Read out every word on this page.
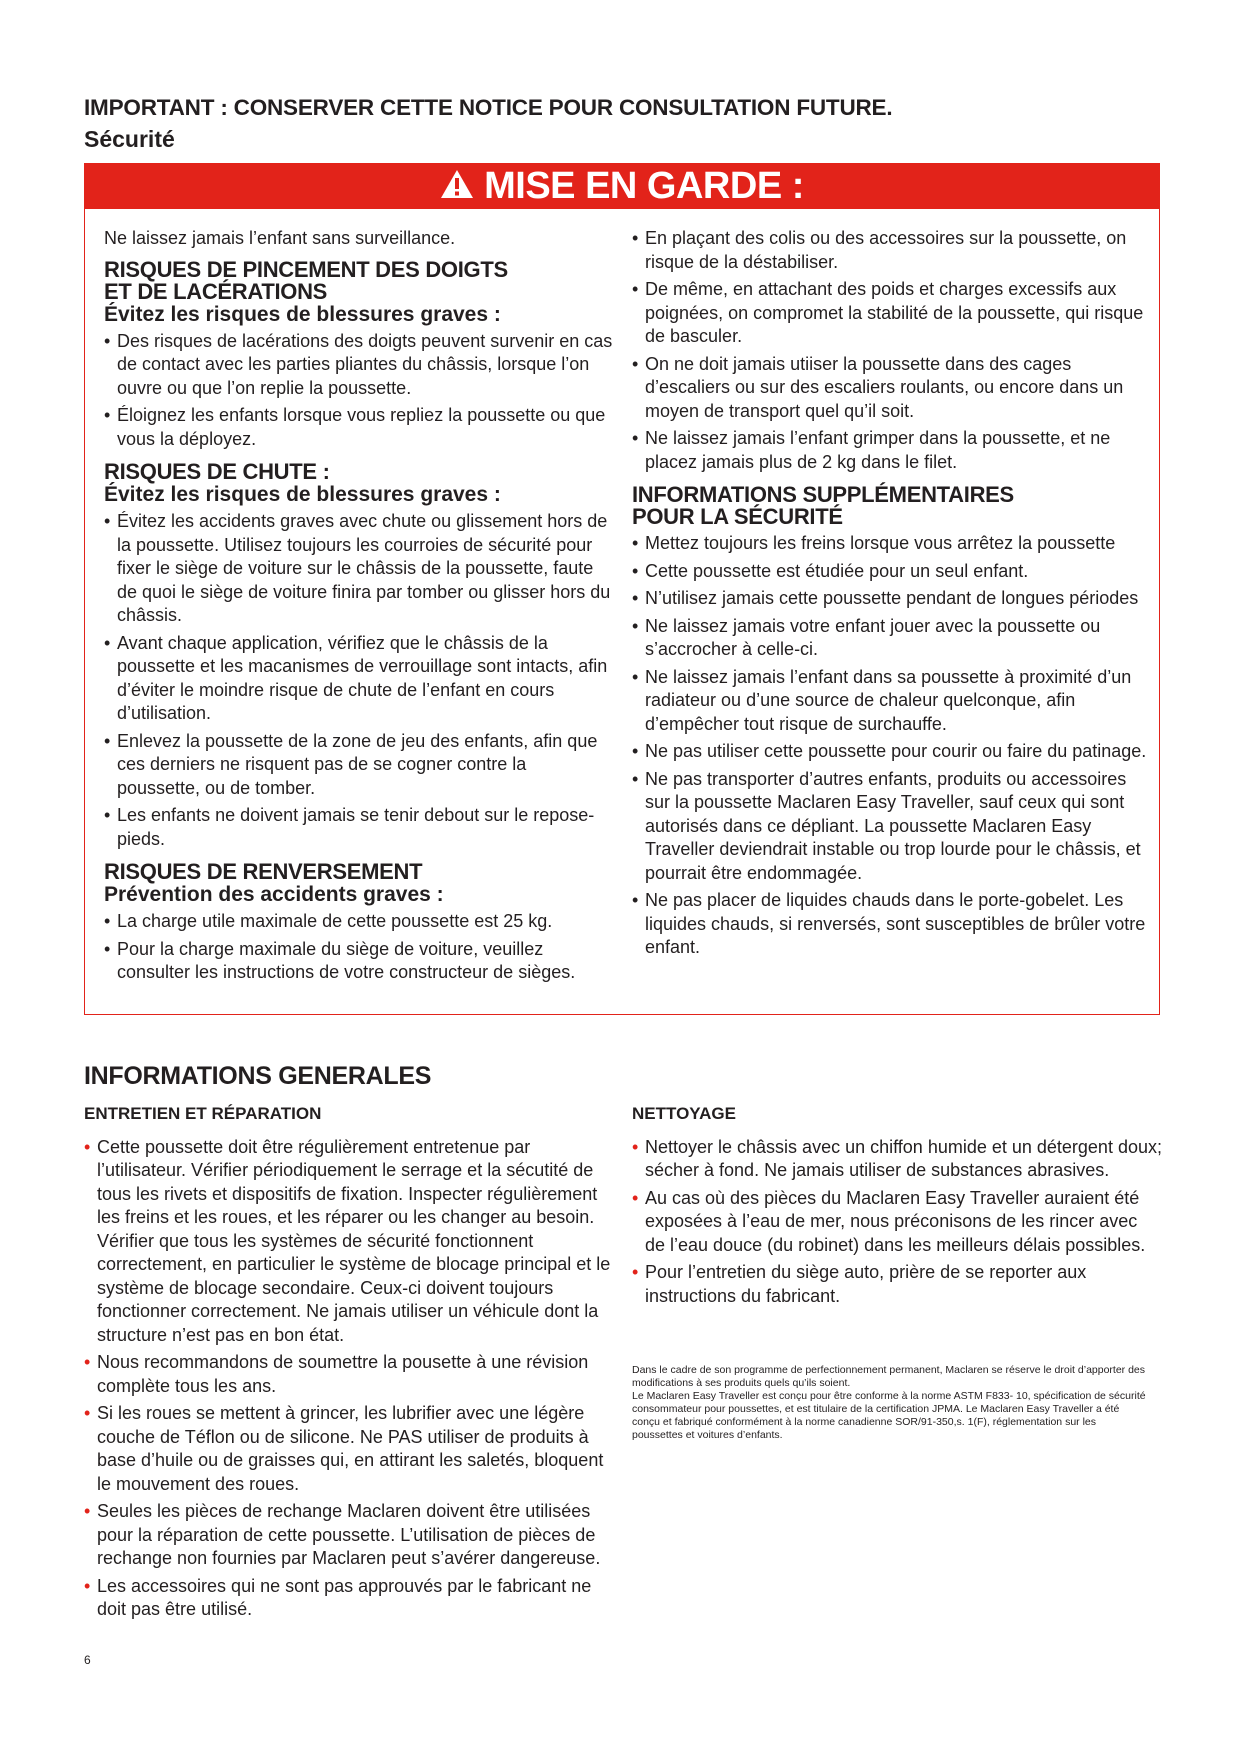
IMPORTANT : CONSERVER CETTE NOTICE POUR CONSULTATION FUTURE.
Sécurité
MISE EN GARDE :

Ne laissez jamais l’enfant sans surveillance.

RISQUES DE PINCEMENT DES DOIGTS
ET DE LACÉRATIONS
Évitez les risques de blessures graves :
• Des risques de lacérations des doigts peuvent survenir en cas de contact avec les parties pliantes du châssis, lorsque l’on ouvre ou que l’on replie la poussette.
• Éloignez les enfants lorsque vous repliez la poussette ou que vous la déployez.
RISQUES DE CHUTE :
Évitez les risques de blessures graves :
• Évitez les accidents graves avec chute ou glissement hors de la poussette. Utilisez toujours les courroies de sécurité pour fixer le siège de voiture sur le châssis de la poussette, faute de quoi le siège de voiture finira par tomber ou glisser hors du châssis.
• Avant chaque application, vérifiez que le châssis de la poussette et les macanismes de verrouillage sont intacts, afin d’éviter le moindre risque de chute de l’enfant en cours d’utilisation.
• Enlevez la poussette de la zone de jeu des enfants, afin que ces derniers ne risquent pas de se cogner contre la poussette, ou de tomber.
• Les enfants ne doivent jamais se tenir debout sur le repose-pieds.
RISQUES DE RENVERSEMENT
Prévention des accidents graves :
• La charge utile maximale de cette poussette est 25 kg.
• Pour la charge maximale du siège de voiture, veuillez consulter les instructions de votre constructeur de sièges.
• En plaçant des colis ou des accessoires sur la poussette, on risque de la déstabiliser.
• De même, en attachant des poids et charges excessifs aux poignées, on compromet la stabilité de la poussette, qui risque de basculer.
• On ne doit jamais utiiser la poussette dans des cages d’escaliers ou sur des escaliers roulants, ou encore dans un moyen de transport quel qu’il soit.
• Ne laissez jamais l’enfant grimper dans la poussette, et ne placez jamais plus de 2 kg dans le filet.
INFORMATIONS SUPPLÉMENTAIRES
POUR LA SÉCURITÉ
• Mettez toujours les freins lorsque vous arrêtez la poussette
• Cette poussette est étudiée pour un seul enfant.
• N’utilisez jamais cette poussette pendant de longues périodes
• Ne laissez jamais votre enfant jouer avec la poussette ou s’accrocher à celle-ci.
• Ne laissez jamais l’enfant dans sa poussette à proximité d’un radiateur ou d’une source de chaleur quelconque, afin d’empêcher tout risque de surchauffe.
• Ne pas utiliser cette poussette pour courir ou faire du patinage.
• Ne pas transporter d’autres enfants, produits ou accessoires sur la poussette Maclaren Easy Traveller, sauf ceux qui sont autorisés dans ce dépliant. La poussette Maclaren Easy Traveller deviendrait instable ou trop lourde pour le châssis, et pourrait être endommagée.
• Ne pas placer de liquides chauds dans le porte-gobelet. Les liquides chauds, si renversés, sont susceptibles de brûler votre enfant.
INFORMATIONS GENERALES
ENTRETIEN ET RÉPARATION
• Cette poussette doit être régulièrement entretenue par l’utilisateur. Vérifier périodiquement le serrage et la sécutité de tous les rivets et dispositifs de fixation. Inspecter régulièrement les freins et les roues, et les réparer ou les changer au besoin. Vérifier que tous les systèmes de sécurité fonctionnent correctement, en particulier le système de blocage principal et le système de blocage secondaire. Ceux-ci doivent toujours fonctionner correctement. Ne jamais utiliser un véhicule dont la structure n’est pas en bon état.
• Nous recommandons de soumettre la pousette à une révision complète tous les ans.
• Si les roues se mettent à grincer, les lubrifier avec une légère couche de Téflon ou de silicone. Ne PAS utiliser de produits à base d’huile ou de graisses qui, en attirant les saletés, bloquent le mouvement des roues.
• Seules les pièces de rechange Maclaren doivent être utilisées pour la réparation de cette poussette. L’utilisation de pièces de rechange non fournies par Maclaren peut s’avérer dangereuse.
• Les accessoires qui ne sont pas approuvés par le fabricant ne doit pas être utilisé.
NETTOYAGE
• Nettoyer le châssis avec un chiffon humide et un détergent doux; sécher à fond. Ne jamais utiliser de substances abrasives.
• Au cas où des pièces du Maclaren Easy Traveller auraient été exposées à l’eau de mer, nous préconisons de les rincer avec de l’eau douce (du robinet) dans les meilleurs délais possibles.
• Pour l’entretien du siège auto, prière de se reporter aux instructions du fabricant.

Dans le cadre de son programme de perfectionnement permanent, Maclaren se réserve le droit d’apporter des modifications à ses produits quels qu’ils soient.

Le Maclaren Easy Traveller est conçu pour être conforme à la norme ASTM F833- 10, spécification de sécurité consommateur pour poussettes, et est titulaire de la certification JPMA. Le Maclaren Easy Traveller a été conçu et fabriqué conformément à la norme canadienne SOR/91-350,s. 1(F), réglementation sur les poussettes et voitures d’enfants.

6
